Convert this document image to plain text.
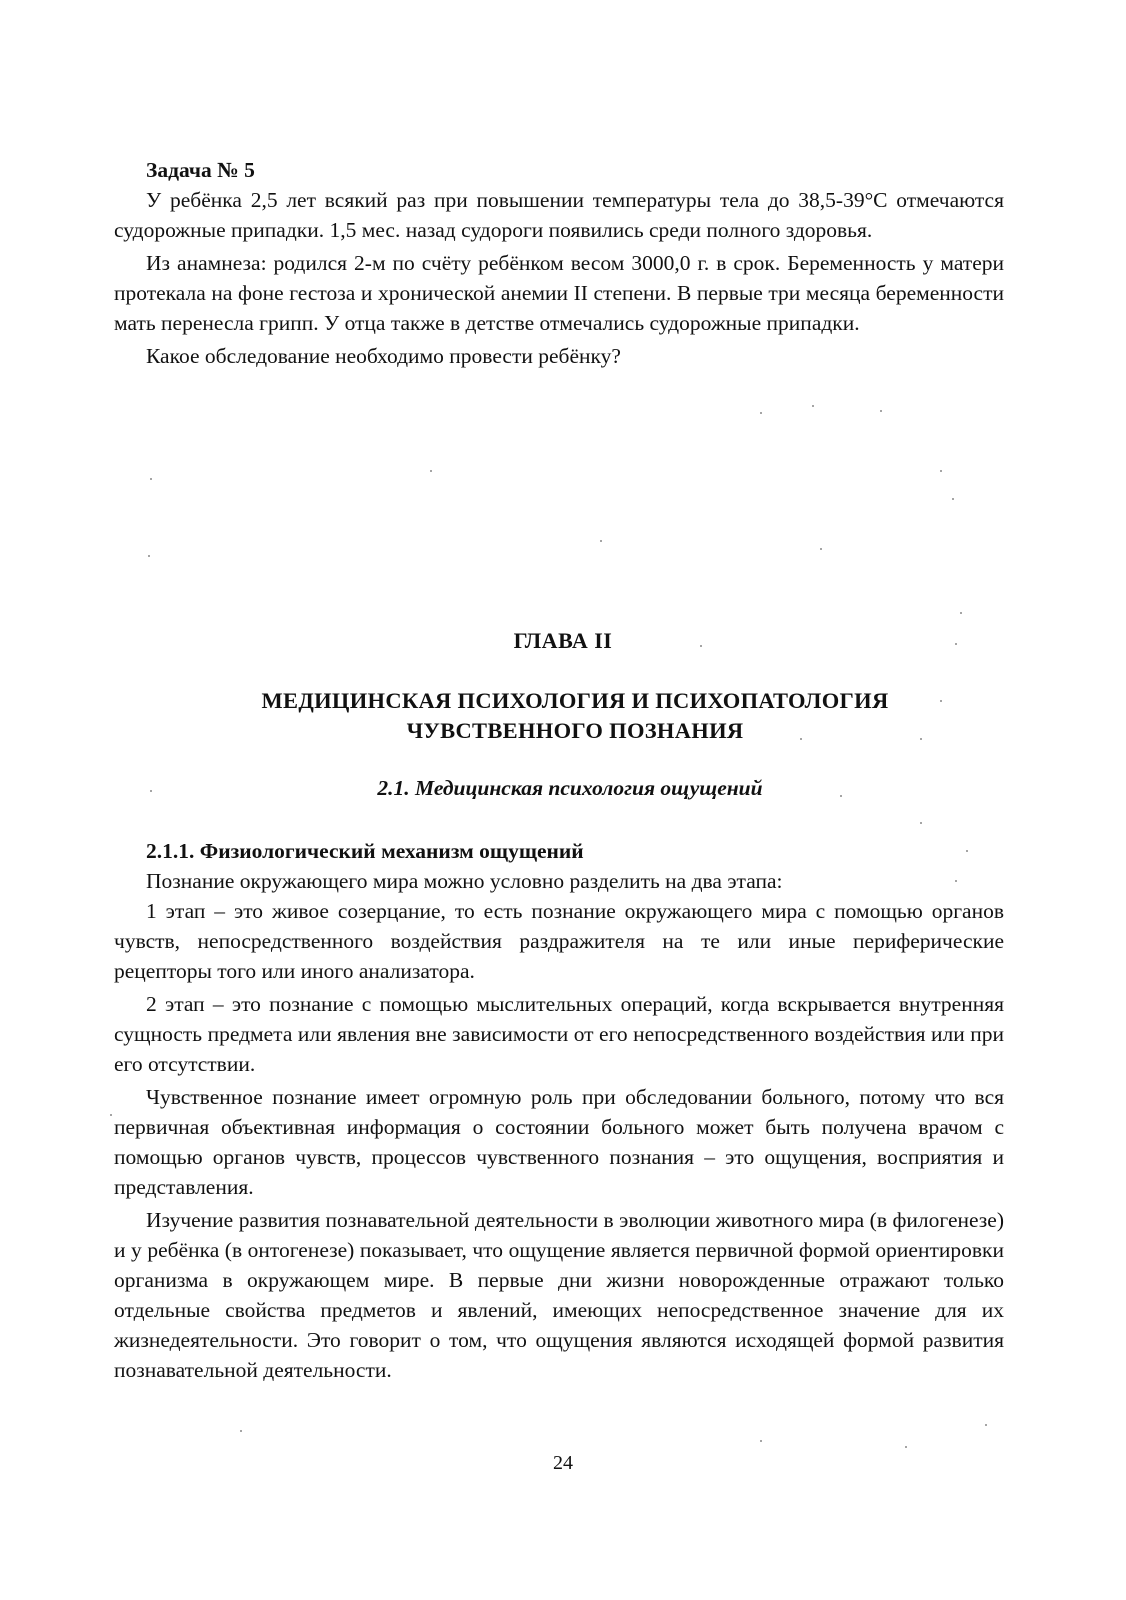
Задача № 5

У ребёнка 2,5 лет всякий раз при повышении температуры тела до 38,5-39°С отмечаются судорожные припадки. 1,5 мес. назад судороги появились среди полного здоровья.

Из анамнеза: родился 2-м по счёту ребёнком весом 3000,0 г. в срок. Беременность у матери протекала на фоне гестоза и хронической анемии II степени. В первые три месяца беременности мать перенесла грипп. У отца также в детстве отмечались судорожные припадки.

Какое обследование необходимо провести ребёнку?

ГЛАВА II
МЕДИЦИНСКАЯ ПСИХОЛОГИЯ И ПСИХОПАТОЛОГИЯ
ЧУВСТВЕННОГО ПОЗНАНИЯ
2.1. Медицинская психология ощущений
2.1.1. Физиологический механизм ощущений

Познание окружающего мира можно условно разделить на два этапа:

1 этап – это живое созерцание, то есть познание окружающего мира с помощью органов чувств, непосредственного воздействия раздражителя на те или иные периферические рецепторы того или иного анализатора.

2 этап – это познание с помощью мыслительных операций, когда вскрывается внутренняя сущность предмета или явления вне зависимости от его непосредственного воздействия или при его отсутствии.

Чувственное познание имеет огромную роль при обследовании больного, потому что вся первичная объективная информация о состоянии больного может быть получена врачом с помощью органов чувств, процессов чувственного познания – это ощущения, восприятия и представления.

Изучение развития познавательной деятельности в эволюции животного мира (в филогенезе) и у ребёнка (в онтогенезе) показывает, что ощущение является первичной формой ориентировки организма в окружающем мире. В первые дни жизни новорожденные отражают только отдельные свойства предметов и явлений, имеющих непосредственное значение для их жизнедеятельности. Это говорит о том, что ощущения являются исходящей формой развития познавательной деятельности.

24
